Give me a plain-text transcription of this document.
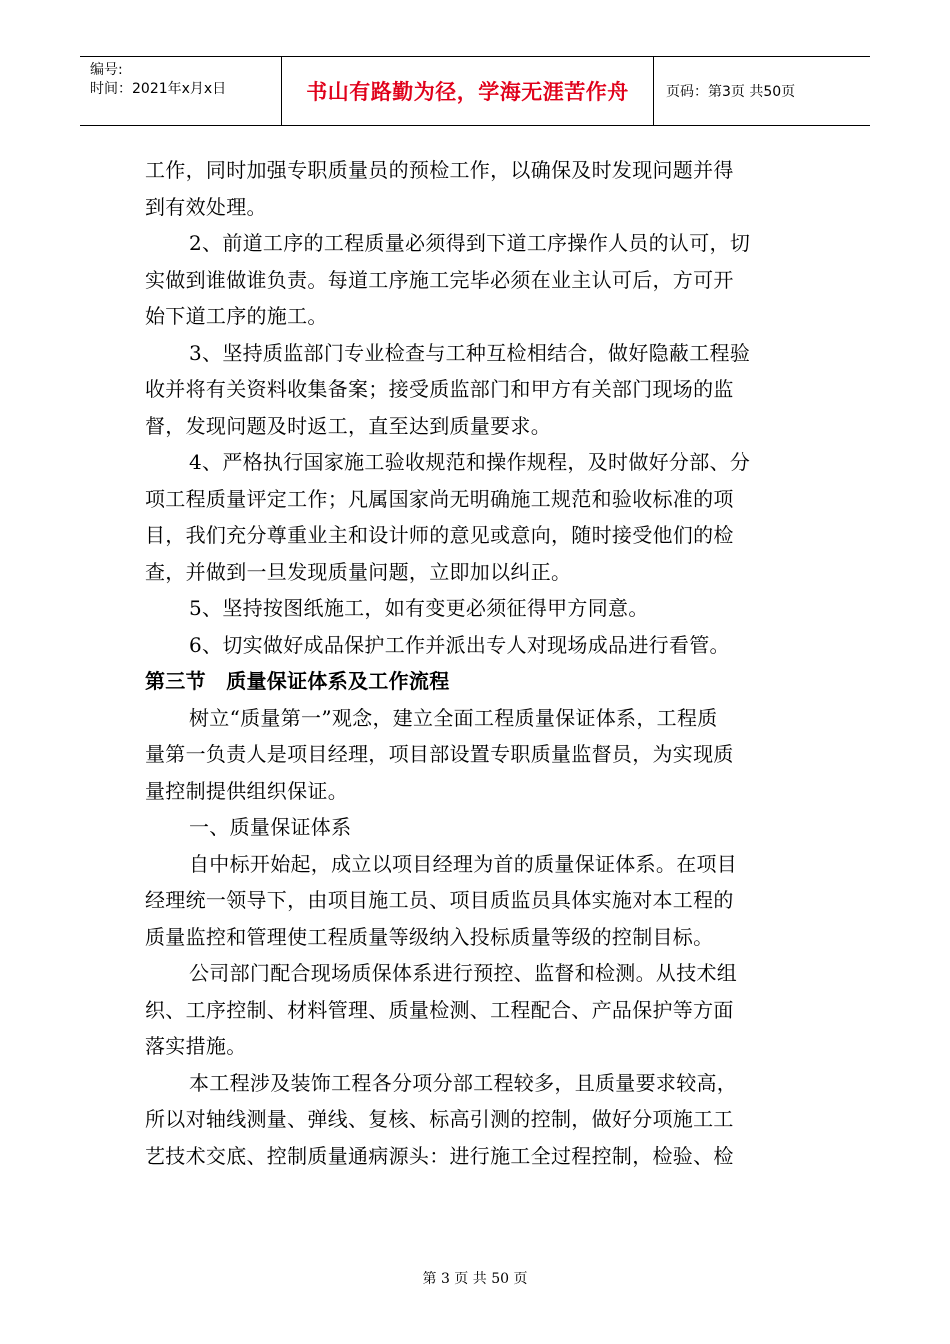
编号:
时间：2021年x月x日	书山有路勤为径，学海无涯苦作舟	页码：第3页 共50页
工作，同时加强专职质量员的预检工作，以确保及时发现问题并得
到有效处理。
2、前道工序的工程质量必须得到下道工序操作人员的认可，切
实做到谁做谁负责。每道工序施工完毕必须在业主认可后，方可开
始下道工序的施工。
3、坚持质监部门专业检查与工种互检相结合，做好隐蔽工程验
收并将有关资料收集备案；接受质监部门和甲方有关部门现场的监
督，发现问题及时返工，直至达到质量要求。
4、严格执行国家施工验收规范和操作规程，及时做好分部、分
项工程质量评定工作；凡属国家尚无明确施工规范和验收标准的项
目，我们充分尊重业主和设计师的意见或意向，随时接受他们的检
查，并做到一旦发现质量问题，立即加以纠正。
5、坚持按图纸施工，如有变更必须征得甲方同意。
6、切实做好成品保护工作并派出专人对现场成品进行看管。
第三节　质量保证体系及工作流程
树立“质量第一”观念，建立全面工程质量保证体系，工程质
量第一负责人是项目经理，项目部设置专职质量监督员，为实现质
量控制提供组织保证。
一、质量保证体系
自中标开始起，成立以项目经理为首的质量保证体系。在项目
经理统一领导下，由项目施工员、项目质监员具体实施对本工程的
质量监控和管理使工程质量等级纳入投标质量等级的控制目标。
公司部门配合现场质保体系进行预控、监督和检测。从技术组
织、工序控制、材料管理、质量检测、工程配合、产品保护等方面
落实措施。
本工程涉及装饰工程各分项分部工程较多，且质量要求较高，
所以对轴线测量、弹线、复核、标高引测的控制，做好分项施工工
艺技术交底、控制质量通病源头：进行施工全过程控制，检验、检
第 3 页 共 50 页
